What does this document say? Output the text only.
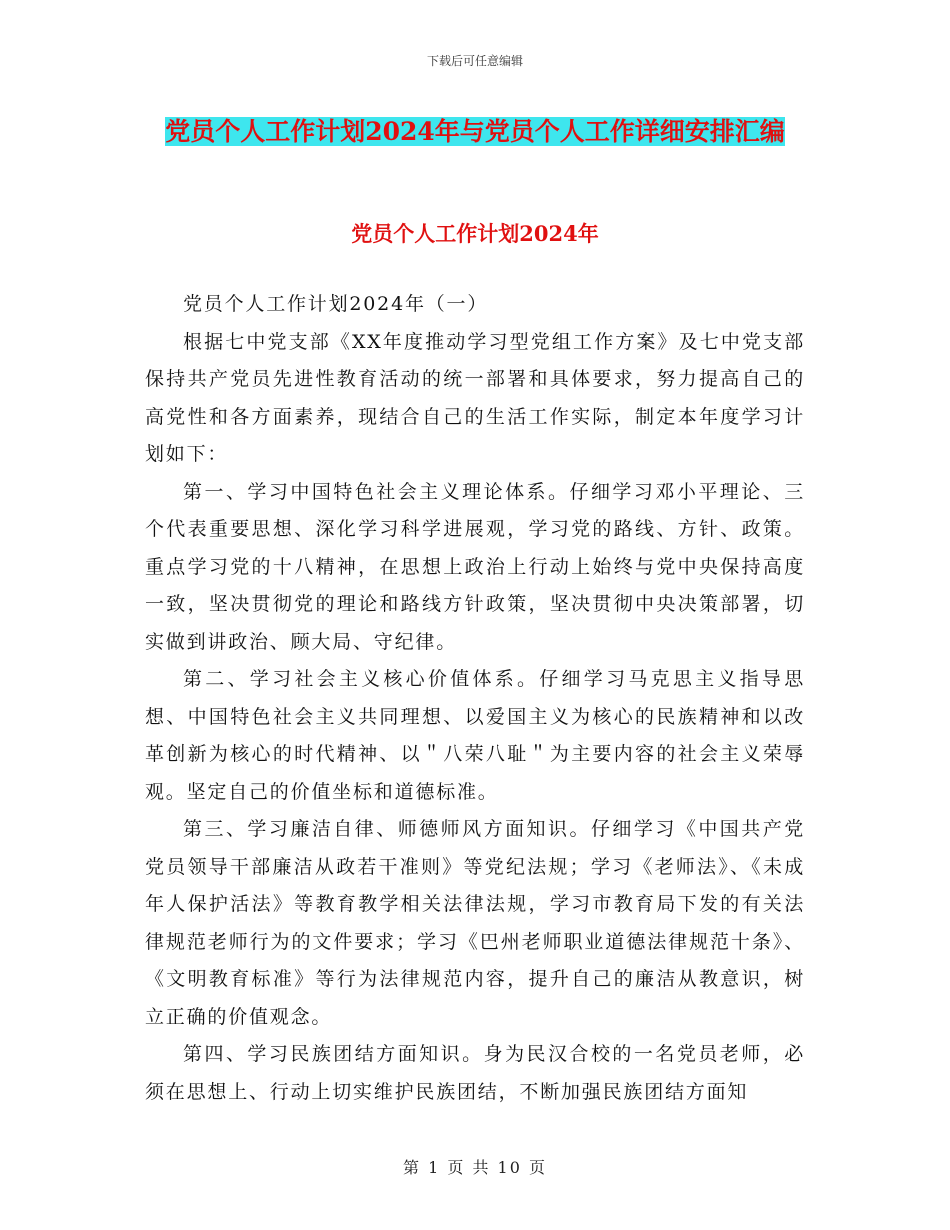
下载后可任意编辑
党员个人工作计划2024年与党员个人工作详细安排汇编
党员个人工作计划2024年

党员个人工作计划2024年（一）

根据七中党支部《XX年度推动学习型党组工作方案》及七中党支部保持共产党员先进性教育活动的统一部署和具体要求，努力提高自己的高党性和各方面素养，现结合自己的生活工作实际，制定本年度学习计划如下：

第一、学习中国特色社会主义理论体系。仔细学习邓小平理论、三个代表重要思想、深化学习科学进展观，学习党的路线、方针、政策。重点学习党的十八精神，在思想上政治上行动上始终与党中央保持高度一致，坚决贯彻党的理论和路线方针政策，坚决贯彻中央决策部署，切实做到讲政治、顾大局、守纪律。

第二、学习社会主义核心价值体系。仔细学习马克思主义指导思想、中国特色社会主义共同理想、以爱国主义为核心的民族精神和以改革创新为核心的时代精神、以＂八荣八耻＂为主要内容的社会主义荣辱观。坚定自己的价值坐标和道德标准。

第三、学习廉洁自律、师德师风方面知识。仔细学习《中国共产党党员领导干部廉洁从政若干准则》等党纪法规；学习《老师法》、《未成年人保护活法》等教育教学相关法律法规，学习市教育局下发的有关法律规范老师行为的文件要求；学习《巴州老师职业道德法律规范十条》、《文明教育标准》等行为法律规范内容，提升自己的廉洁从教意识，树立正确的价值观念。

第四、学习民族团结方面知识。身为民汉合校的一名党员老师，必须在思想上、行动上切实维护民族团结，不断加强民族团结方面知

第 1 页 共 10 页
